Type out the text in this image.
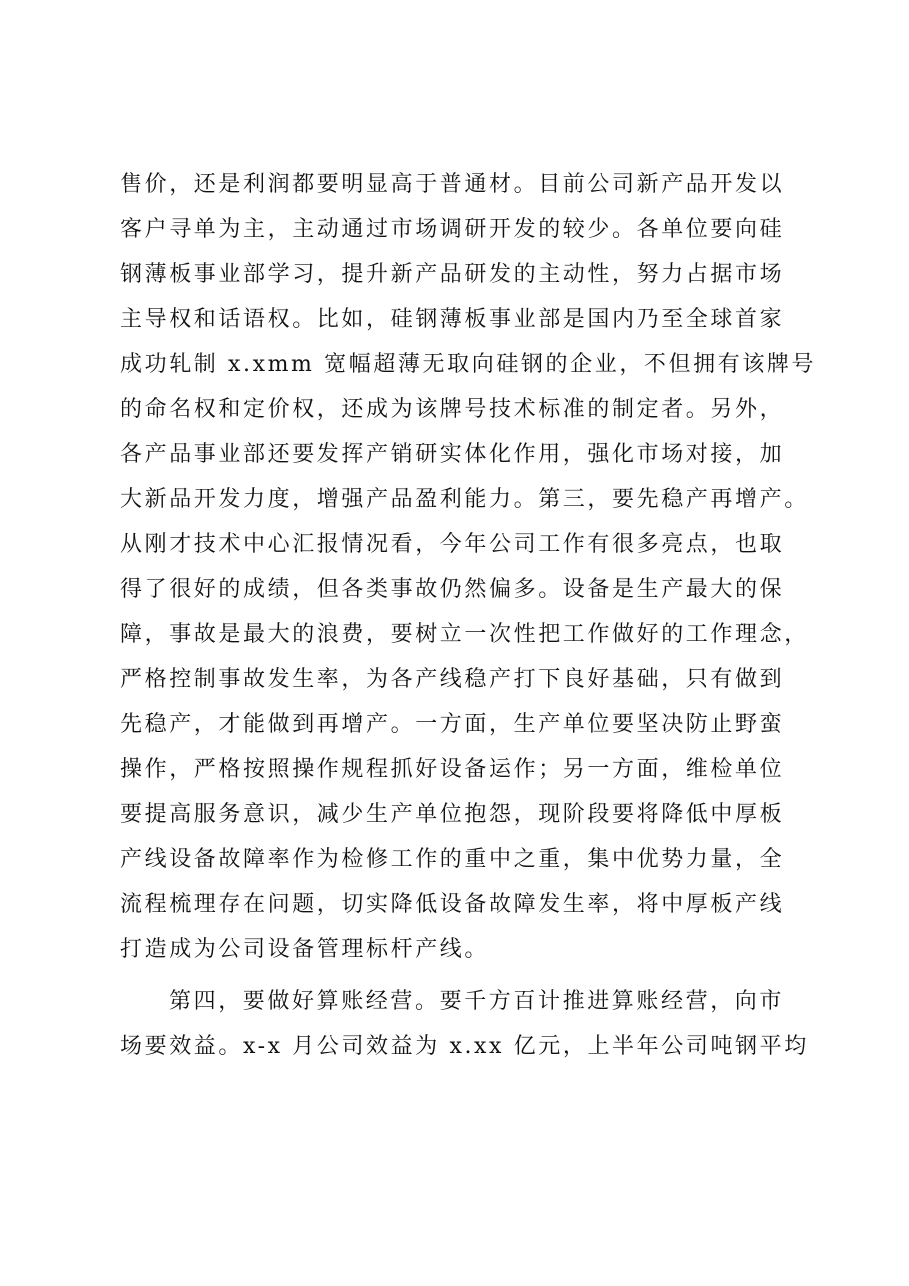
售价，还是利润都要明显高于普通材。目前公司新产品开发以
客户寻单为主，主动通过市场调研开发的较少。各单位要向硅
钢薄板事业部学习，提升新产品研发的主动性，努力占据市场
主导权和话语权。比如，硅钢薄板事业部是国内乃至全球首家
成功轧制 x.xmm 宽幅超薄无取向硅钢的企业，不但拥有该牌号
的命名权和定价权，还成为该牌号技术标准的制定者。另外，
各产品事业部还要发挥产销研实体化作用，强化市场对接，加
大新品开发力度，增强产品盈利能力。第三，要先稳产再增产。
从刚才技术中心汇报情况看，今年公司工作有很多亮点，也取
得了很好的成绩，但各类事故仍然偏多。设备是生产最大的保
障，事故是最大的浪费，要树立一次性把工作做好的工作理念，
严格控制事故发生率，为各产线稳产打下良好基础，只有做到
先稳产，才能做到再增产。一方面，生产单位要坚决防止野蛮
操作，严格按照操作规程抓好设备运作；另一方面，维检单位
要提高服务意识，减少生产单位抱怨，现阶段要将降低中厚板
产线设备故障率作为检修工作的重中之重，集中优势力量，全
流程梳理存在问题，切实降低设备故障发生率，将中厚板产线
打造成为公司设备管理标杆产线。
第四，要做好算账经营。要千方百计推进算账经营，向市
场要效益。x-x 月公司效益为 x.xx 亿元，上半年公司吨钢平均
